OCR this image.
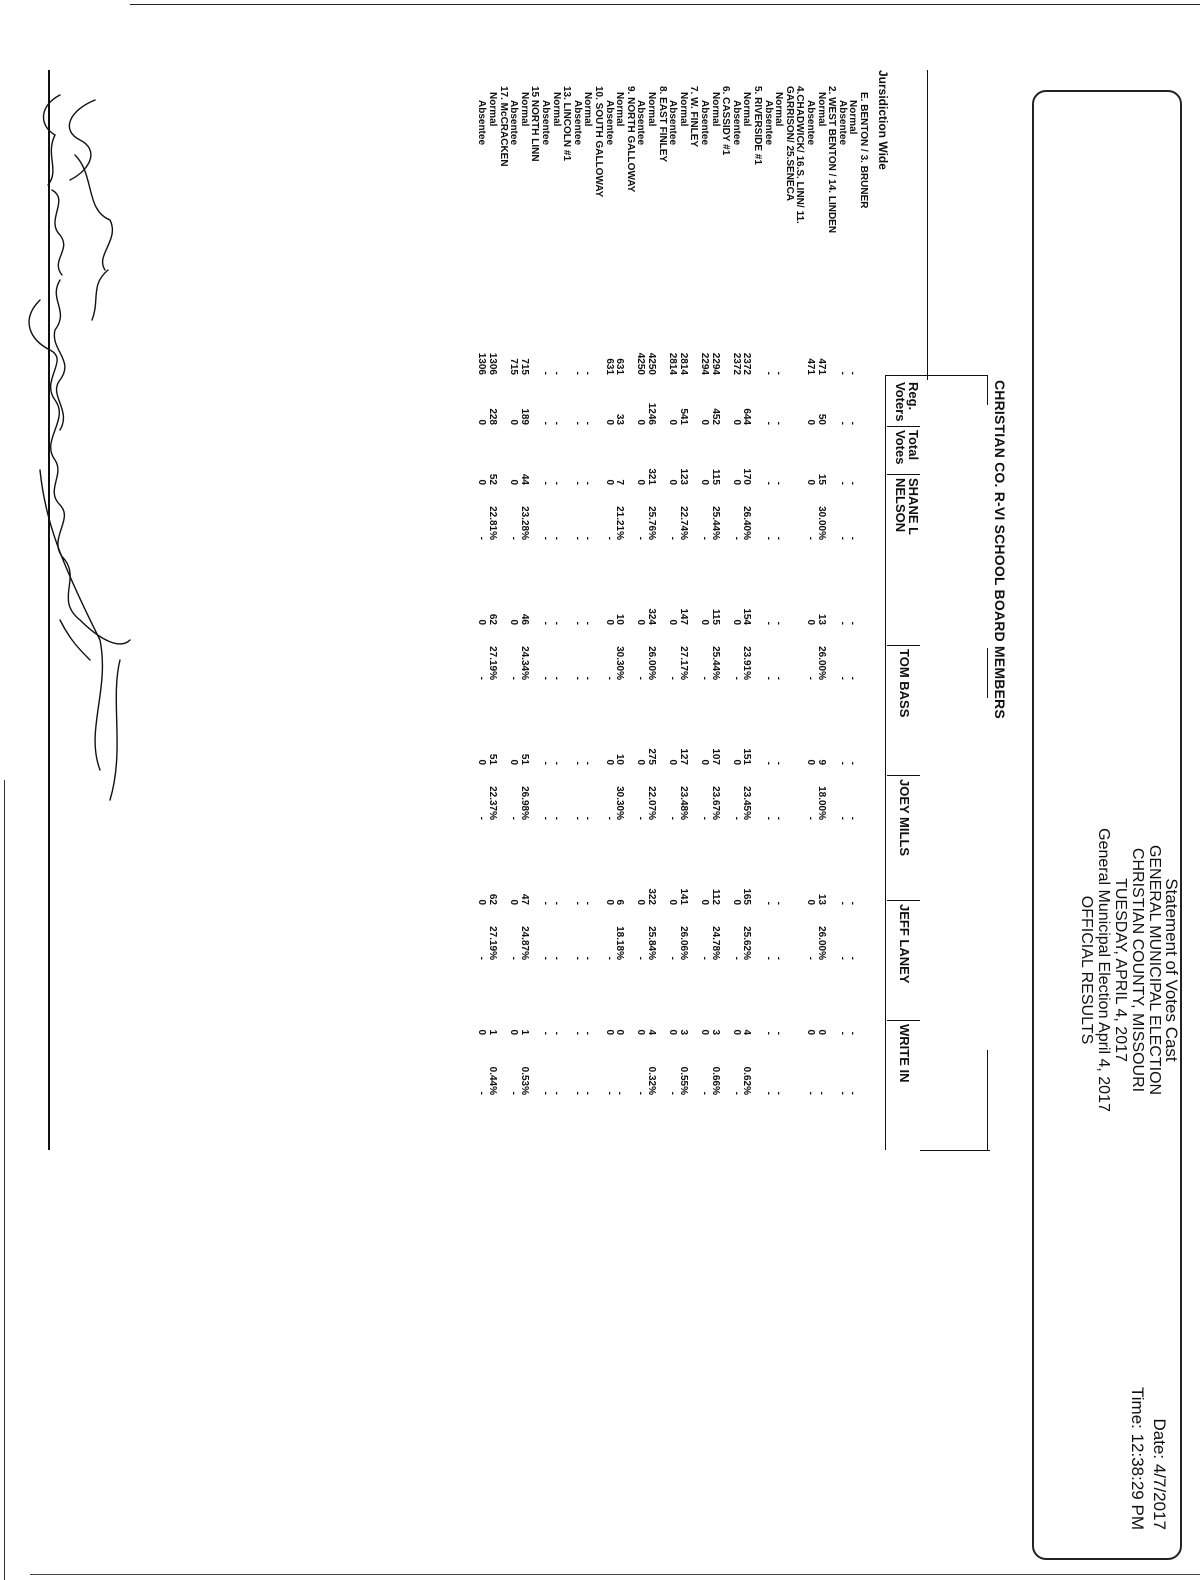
Statement of Votes Cast
GENERAL MUNICIPAL ELECTION
CHRISTIAN COUNTY, MISSOURI
TUESDAY, APRIL 4, 2017
General Municipal Election April 4, 2017
OFFICIAL RESULTS
Date: 4/7/2017
Time: 12:38:29 PM
CHRISTIAN CO. R-VI SCHOOL BOARD MEMBERS
Reg.
Voters
Total
Votes
SHANE L
NELSON
TOM BASS
JOEY MILLS
JEFF LANEY
WRITE IN
Jursidiction Wide
E. BENTON / 3. BRUNER
Normal
-
-
-
-
-
-
-
-
-
-
-
-
Absentee
-
-
-
-
-
-
-
-
-
-
-
-
2. WEST BENTON / 14. LINDEN
Normal
471
50
15
30.00%
13
26.00%
9
18.00%
13
26.00%
0
-
Absentee
471
0
0
-
0
-
0
-
0
-
0
-
4.CHADWICK/ 16.S. LINN/ 11.
GARRISON/ 25.SENECA
Normal
-
-
-
-
-
-
-
-
-
-
-
-
Absentee
-
-
-
-
-
-
-
-
-
-
-
-
5. RIVERSIDE #1
Normal
2372
644
170
26.40%
154
23.91%
151
23.45%
165
25.62%
4
0.62%
Absentee
2372
0
0
-
0
-
0
-
0
-
0
-
6. CASSIDY #1
Normal
2294
452
115
25.44%
115
25.44%
107
23.67%
112
24.78%
3
0.66%
Absentee
2294
0
0
-
0
-
0
-
0
-
0
-
7. W. FINLEY
Normal
2814
541
123
22.74%
147
27.17%
127
23.48%
141
26.06%
3
0.55%
Absentee
2814
0
0
-
0
-
0
-
0
-
0
-
8. EAST FINLEY
Normal
4250
1246
321
25.76%
324
26.00%
275
22.07%
322
25.84%
4
0.32%
Absentee
4250
0
0
-
0
-
0
-
0
-
0
-
9. NORTH GALLOWAY
Normal
631
33
7
21.21%
10
30.30%
10
30.30%
6
18.18%
0
-
Absentee
631
0
0
-
0
-
0
-
0
-
0
-
10. SOUTH GALLOWAY
Normal
-
-
-
-
-
-
-
-
-
-
-
-
Absentee
-
-
-
-
-
-
-
-
-
-
-
-
13. LINCOLN #1
Normal
-
-
-
-
-
-
-
-
-
-
-
-
Absentee
-
-
-
-
-
-
-
-
-
-
-
-
15 NORTH LINN
Normal
715
189
44
23.28%
46
24.34%
51
26.98%
47
24.87%
1
0.53%
Absentee
715
0
0
-
0
-
0
-
0
-
0
-
17. McCRACKEN
Normal
1306
228
52
22.81%
62
27.19%
51
22.37%
62
27.19%
1
0.44%
Absentee
1306
0
0
-
0
-
0
-
0
-
0
-
